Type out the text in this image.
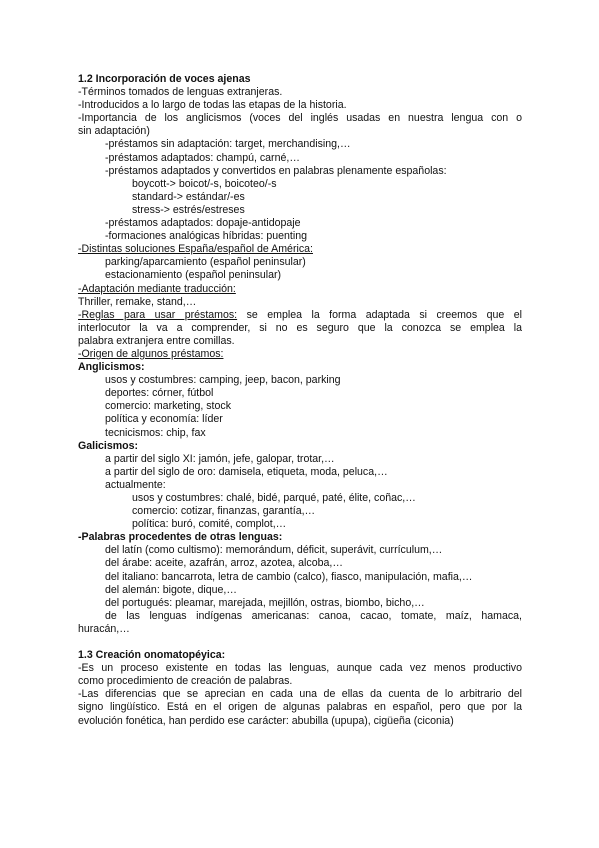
1.2 Incorporación de voces ajenas
-Términos tomados de lenguas extranjeras.
-Introducidos a lo largo de todas las etapas de la historia.
-Importancia de los anglicismos (voces del inglés usadas en nuestra lengua con o
sin adaptación)
-préstamos sin adaptación: target, merchandising,…
-préstamos adaptados: champú, carné,…
-préstamos adaptados y convertidos en palabras plenamente españolas:
boycott-> boicot/-s, boicoteo/-s
standard-> estándar/-es
stress-> estrés/estreses
-préstamos adaptados: dopaje-antidopaje
-formaciones analógicas híbridas: puenting
-Distintas soluciones España/español de América:
parking/aparcamiento (español peninsular)
estacionamiento (español peninsular)
-Adaptación mediante traducción:
Thriller, remake, stand,…
-Reglas para usar préstamos: se emplea la forma adaptada si creemos que el
interlocutor la va a comprender, si no es seguro que la conozca se emplea la
palabra extranjera entre comillas.
-Origen de algunos préstamos:
Anglicismos:
usos y costumbres: camping, jeep, bacon, parking
deportes: córner, fútbol
comercio: marketing, stock
política y economía: líder
tecnicismos: chip, fax
Galicismos:
a partir del siglo XI: jamón, jefe, galopar, trotar,…
a partir del siglo de oro: damisela, etiqueta, moda, peluca,…
actualmente:
usos y costumbres: chalé, bidé, parqué, paté, élite, coñac,…
comercio: cotizar, finanzas, garantía,…
política: buró, comité, complot,…
-Palabras procedentes de otras lenguas:
del latín (como cultismo): memorándum, déficit, superávit, currículum,…
del árabe: aceite, azafrán, arroz, azotea, alcoba,…
del italiano: bancarrota, letra de cambio (calco), fiasco, manipulación, mafia,…
del alemán: bigote, dique,…
del portugués: pleamar, marejada, mejillón, ostras, biombo, bicho,…
de las lenguas indígenas americanas: canoa, cacao, tomate, maíz, hamaca,
huracán,…
1.3 Creación onomatopéyica:
-Es un proceso existente en todas las lenguas, aunque cada vez menos productivo
como procedimiento de creación de palabras.
-Las diferencias que se aprecian en cada una de ellas da cuenta de lo arbitrario del
signo lingüístico. Está en el origen de algunas palabras en español, pero que por la
evolución fonética, han perdido ese carácter: abubilla (upupa), cigüeña (ciconia)
